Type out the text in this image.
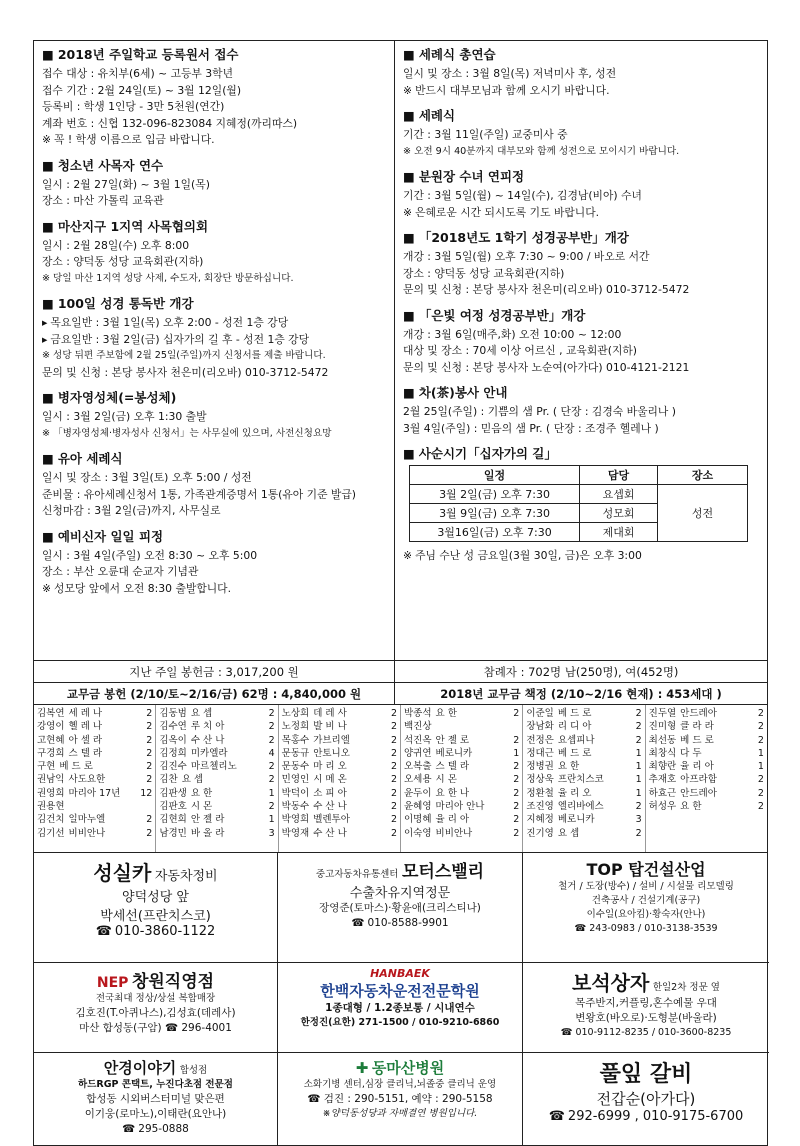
■ 2018년 주일학교 등록원서 접수
접수 대상 : 유치부(6세) ~ 고등부 3학년
접수 기간 : 2월 24일(토) ~ 3월 12일(월)
등록비 : 학생 1인당 - 3만 5천원(연간)
계좌 번호 : 신협 132-096-823084 지혜정(까리따스)
※ 꼭 ! 학생 이름으로 입금 바랍니다.
■ 청소년 사목자 연수
일시 : 2월 27일(화) ~ 3월 1일(목)
장소 : 마산 가톨릭 교육관
■ 마산지구 1지역 사목협의회
일시 : 2월 28일(수) 오후 8:00
장소 : 양덕동 성당 교육회관(지하)
※ 당일 마산 1지역 성당 사제, 수도자, 회장단 방문하십니다.
■ 100일 성경 통독반 개강
▸ 목요일반 : 3월 1일(목) 오후 2:00 - 성전 1층 강당
▸ 금요일반 : 3월 2일(금) 십자가의 길 후 - 성전 1층 강당
※ 성당 뒤편 주보함에 2월 25일(주일)까지 신청서를 제출 바랍니다.
문의 및 신청 : 본당 봉사자 천은미(리오바) 010-3712-5472
■ 병자영성체(=봉성체)
일시 : 3월 2일(금) 오후 1:30 출발
※ 「병자영성체·병자성사 신청서」는 사무실에 있으며, 사전신청요망
■ 유아 세례식
일시 및 장소 : 3월 3일(토) 오후 5:00 / 성전
준비물 : 유아세례신청서 1통, 가족관계증명서 1통(유아 기준 발급)
신청마감 : 3월 2일(금)까지, 사무실로
■ 예비신자 일일 피정
일시 : 3월 4일(주일) 오전 8:30 ~ 오후 5:00
장소 : 부산 오륜대 순교자 기념관
※ 성모당 앞에서 오전 8:30 출발합니다.
■ 세례식 총연습
일시 및 장소 : 3월 8일(목) 저녁미사 후, 성전
※ 반드시 대부모님과 함께 오시기 바랍니다.
■ 세례식
기간 : 3월 11일(주일) 교중미사 중
※ 오전 9시 40분까지 대부모와 함께 성전으로 모이시기 바랍니다.
■ 분원장 수녀 연피정
기간 : 3월 5일(월) ~ 14일(수), 김경남(비아) 수녀
※ 은혜로운 시간 되시도록 기도 바랍니다.
■ 「2018년도 1학기 성경공부반」개강
개강 : 3월 5일(월) 오후 7:30 ~ 9:00 / 바오로 서간
장소 : 양덕동 성당 교육회관(지하)
문의 및 신청 : 본당 봉사자 천은미(리오바) 010-3712-5472
■ 「은빛 여정 성경공부반」개강
개강 : 3월 6일(매주,화) 오전 10:00 ~ 12:00
대상 및 장소 : 70세 이상 어르신 , 교육회관(지하)
문의 및 신청 : 본당 봉사자 노순여(아가다) 010-4121-2121
■ 차(茶)봉사 안내
2월 25일(주일) : 기쁨의 샘 Pr. ( 단장 : 김경숙 바울리나 )
3월 4일(주일) : 믿음의 샘 Pr. ( 단장 : 조경주 헬레나 )
■ 사순시기「십자가의 길」
일정	담당	장소
3월 2일(금) 오후 7:30	요셉회	성전
3월 9일(금) 오후 7:30	성모회	
3월16일(금) 오후 7:30	제대회	
※ 주님 수난 성 금요일(3월 30일, 금)은 오후 3:00
지난 주일 봉헌금 : 3,017,200 원	참례자 : 702명 남(250명), 여(452명)
교무금 봉헌 (2/10/토~2/16/금) 62명 : 4,840,000 원	2018년 교무금 책정 (2/10~2/16 현재) : 453세대 )
김복연 세 레 나	2
강영이 헬 레 나	2
고현혜 아 셀 라	2
구경희 스 텔 라	2
구현 베 드 로	2
권남익 사도요한	2
권영희 마리아 17년	12
권용현
김건치 일마누엘	2
김기선 비비안나	2
김동범 요 셉	2
김수연 루 치 아	2
김옥이 수 산 나	2
김정희 미카엘라	4
김진수 마르첼리노	2
김찬 요 셉	2
김판생 요 한	1
김판호 시 몬	2
김현희 안 젤 라	1
남경민 바 올 라	3
노상희 데 레 사	2
노정희 발 비 나	2
목홍수 가브리엘	2
문동규 안토니오	2
문동수 마 리 오	2
민영인 시 메 온	2
박덕이 소 피 아	2
박동수 수 산 나	2
박영희 벨렌투아	2
박영재 수 산 나	2
박종석 요 한	2
백진상
석진옥 안 젤 로	2
양귀연 베로니카	1
오복출 스 텔 라	2
오세용 시 몬	2
윤두이 요 한 나	2
윤혜영 마리아 안나	2
이명혜 율 리 아	2
이숙영 비비안나	2
이준일 베 드 로	2
장남화 리 디 아	2
전정은 요셉피나	2
정대근 베 드 로	1
정병권 요 한	1
정상욱 프란치스코	1
정환철 율 리 오	1
조진영 엘리바에스	2
지혜정 베로니카	3
진기영 요 셉	2
진두열 안드레아	2
진미형 클 라 라	2
최선동 베 드 로	2
최창식 다 두	1
최향란 율 리 아	1
추재호 아프라함	2
하효근 안드레아	2
허성우 요 한	2
성실카 자동차정비
양덕성당 앞
박세선(프란치스코)
☎ 010-3860-1122
중고자동차유통센터 모터스밸리
수출차유지역정문
장영준(토마스)·황윤애(크리스티나)
☎ 010-8588-9901
TOP 탑건설산업
철거 / 도장(방수) / 설비 / 시설물 리모델링
건축공사 / 건설기계(공구)
이수일(요아킴)·황숙자(안나)
☎ 243-0983 / 010-3138-3539
NEP 창원직영점
전국최대 정상/상설 복합매장
김호진(T.아퀴나스),김성효(데레사)
마산 합성동(구암) ☎ 296-4001
HANBAEK
한백자동차운전전문학원
1종대형 / 1.2종보통 / 시내연수
한정진(요한) 271-1500 / 010-9210-6860
보석상자 한일2차 정문 옆
목주반지,커플링,혼수예물 우대
변왕호(바오로)·도형분(바울라)
☎ 010-9112-8235 / 010-3600-8235
안경이야기 합성점
하드RGP 콘택트, 누진다초점 전문점
합성동 시외버스터미널 맞은편
이기웅(로마노),이태란(요안나)
☎ 295-0888
✚ 동마산병원
소화기병 센터,심장 클리닉,뇌졸중 클리닉 운영
☎ 검진 : 290-5151, 예약 : 290-5158
※양덕동성당과 자매결연 병원입니다.
풀잎 갈비
전갑순(아가다)
☎ 292-6999 , 010-9175-6700
